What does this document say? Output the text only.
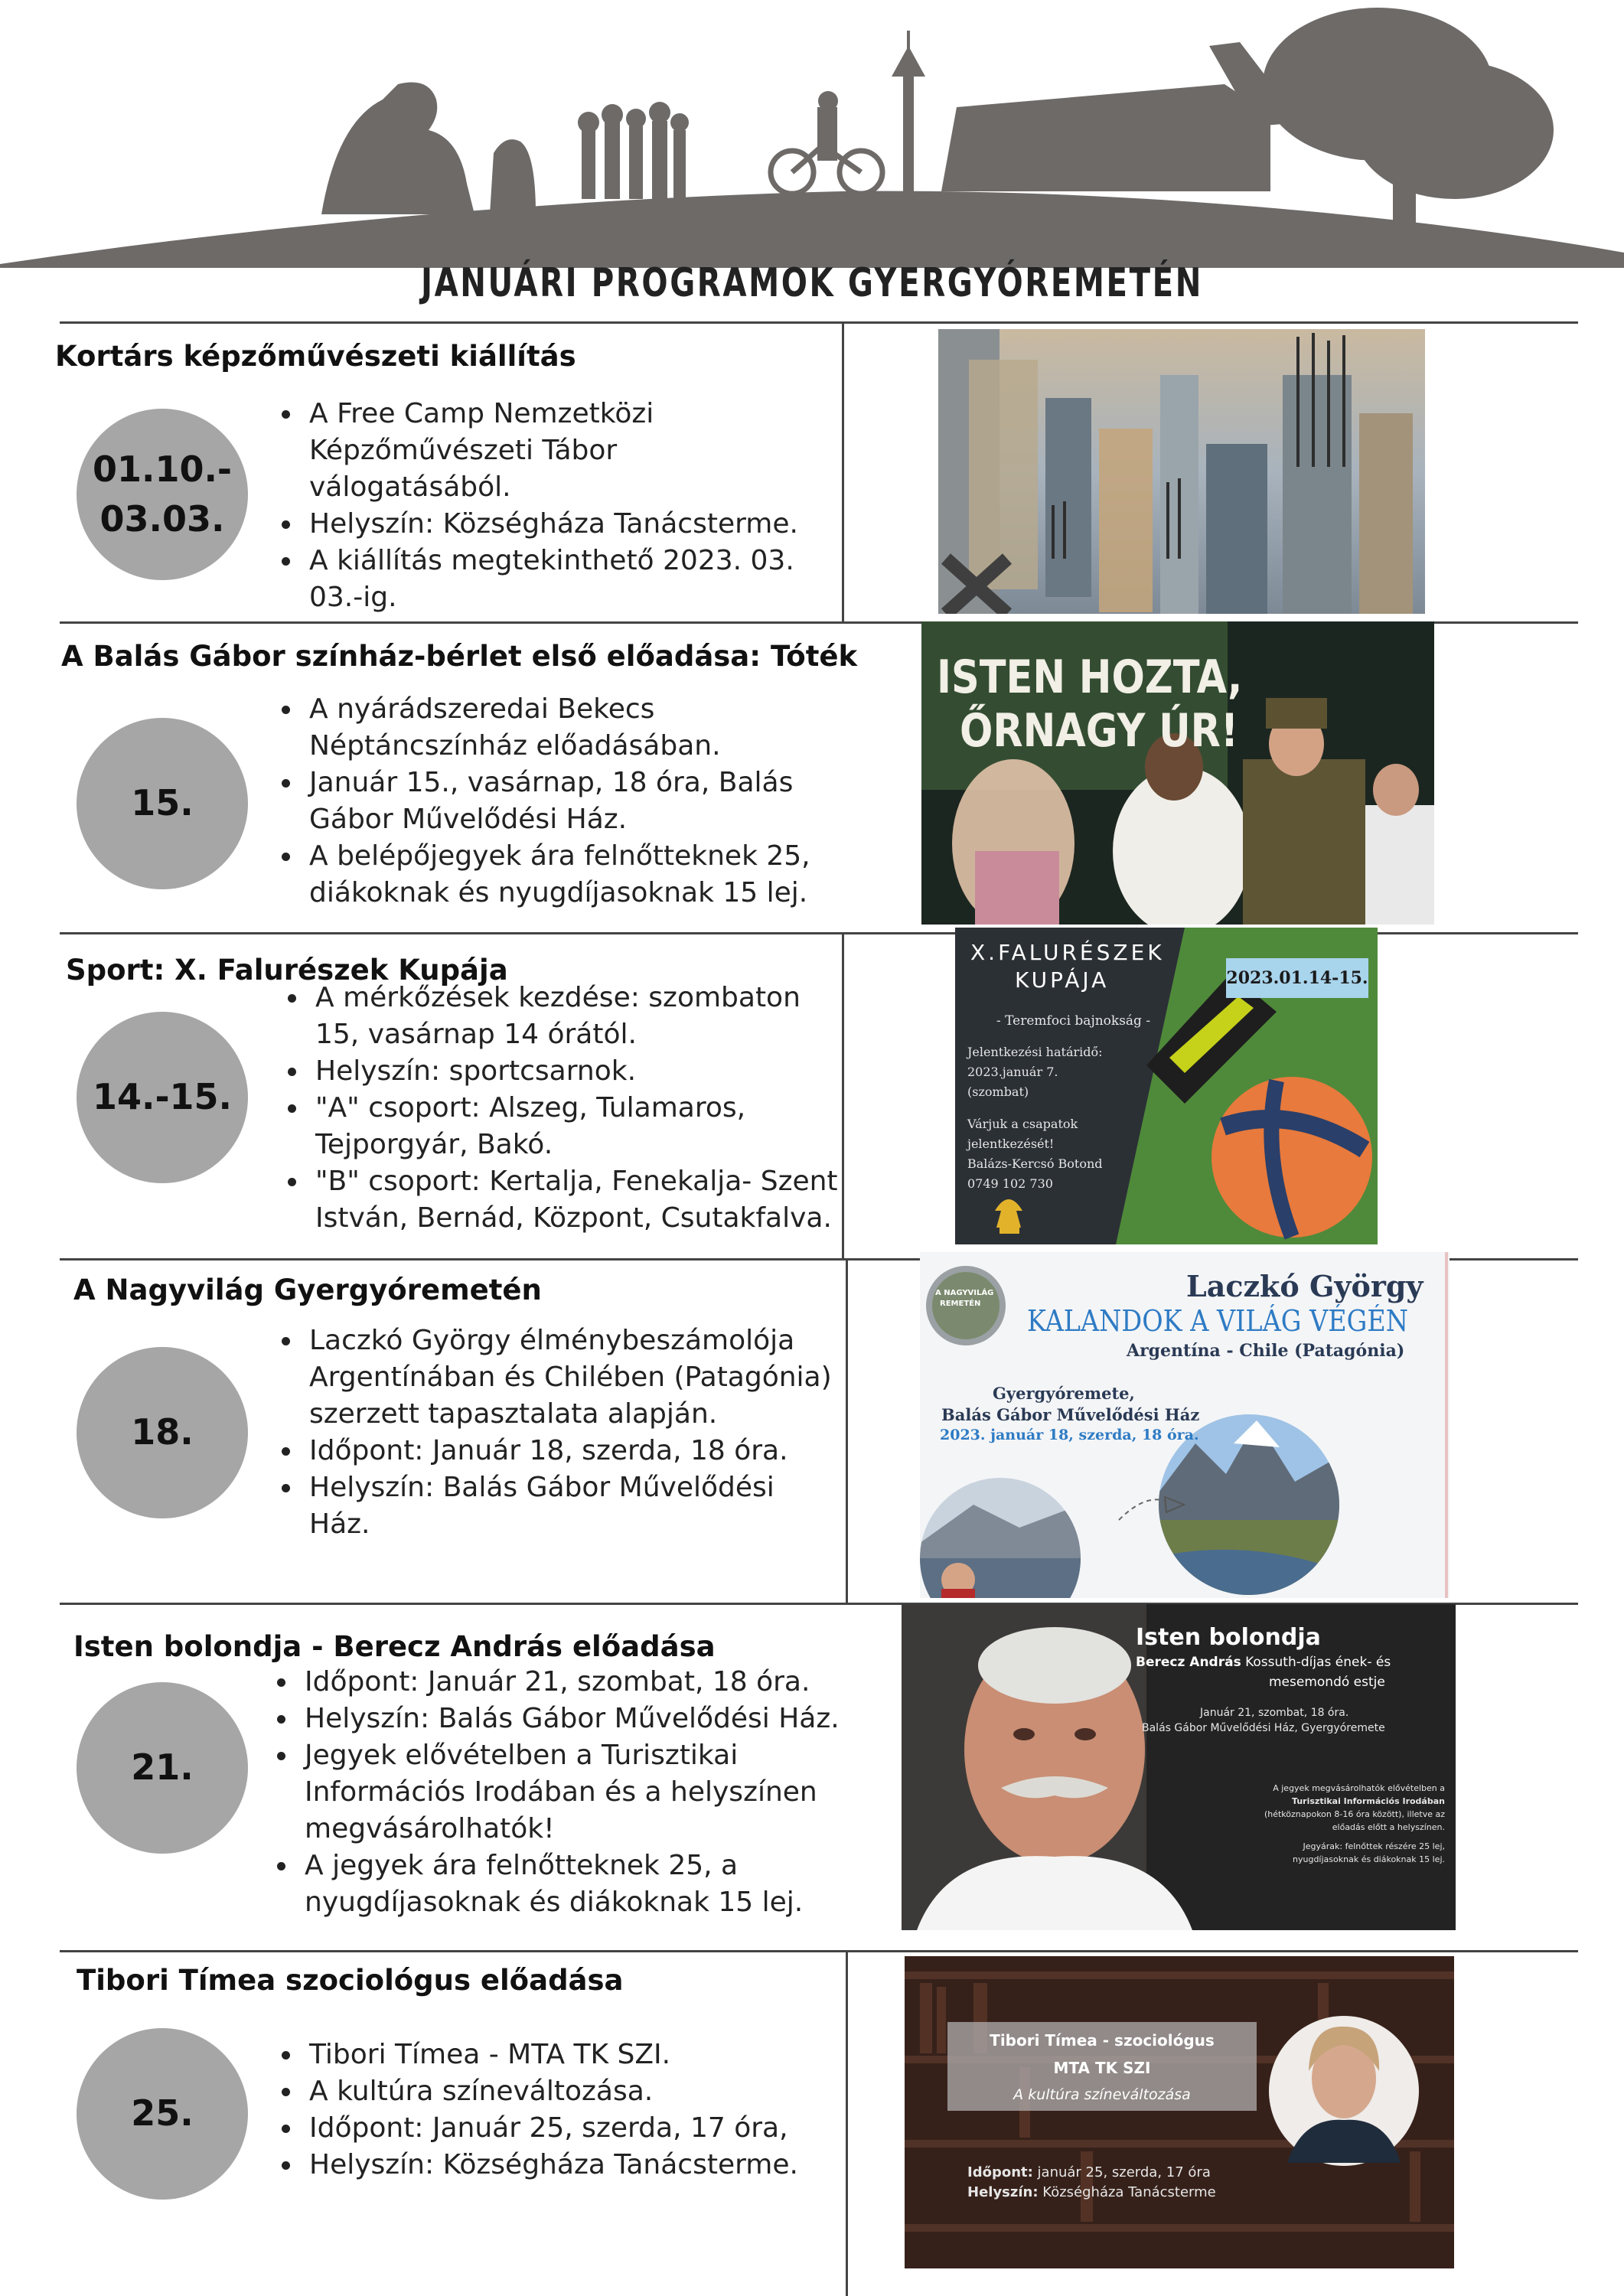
JANUÁRI PROGRAMOK GYERGYÓREMETÉN
Kortárs képzőművészeti kiállítás
01.10.-
03.03.
A Free Camp Nemzetközi Képzőművészeti Tábor válogatásából.
Helyszín: Községháza Tanácsterme.
A kiállítás megtekinthető 2023. 03. 03.-ig.
A Balás Gábor színház-bérlet első előadása: Tóték
15.
A nyárádszeredai Bekecs Néptáncszínház előadásában.
Január 15., vasárnap, 18 óra, Balás Gábor Művelődési Ház.
A belépőjegyek ára felnőtteknek 25, diákoknak és nyugdíjasoknak 15 lej.
ISTEN HOZTA,
ŐRNAGY ÚR!
Sport: X. Falurészek Kupája
14.-15.
A mérkőzések kezdése: szombaton 15, vasárnap 14 órától.
Helyszín: sportcsarnok.
"A" csoport: Alszeg, Tulamaros, Tejporgyár, Bakó.
"B" csoport: Kertalja, Fenekalja- Szent István, Bernád, Központ, Csutakfalva.
X.FALURÉSZEK
KUPÁJA	2023.01.14-15.
- Teremfoci bajnokság -
Jelentkezési határidő:
2023.január 7.
(szombat)
Várjuk a csapatok
jelentkezését!
Balázs-Kercsó Botond
0749 102 730
A Nagyvilág Gyergyóremetén
18.
Laczkó György élménybeszámolója Argentínában és Chilében (Patagónia) szerzett tapasztalata alapján.
Időpont: Január 18, szerda, 18 óra.
Helyszín: Balás Gábor Művelődési Ház.
A NAGYVILÁG
REMETÉN
Laczkó György
KALANDOK A VILÁG VÉGÉN
Argentína - Chile (Patagónia)
Gyergyóremete,
Balás Gábor Művelődési Ház
2023. január 18, szerda, 18 óra.
Isten bolondja - Berecz András előadása
21.
Időpont: Január 21, szombat, 18 óra.
Helyszín: Balás Gábor Művelődési Ház.
Jegyek elővételben a Turisztikai Információs Irodában és a helyszínen megvásárolhatók!
A jegyek ára felnőtteknek 25, a nyugdíjasoknak és diákoknak 15 lej.
Isten bolondja
Berecz András Kossuth-díjas ének- és
mesemondó estje
Január 21, szombat, 18 óra.
Balás Gábor Művelődési Ház, Gyergyóremete
A jegyek megvásárolhatók elővételben a
Turisztikai Információs Irodában
(hétköznapokon 8-16 óra között), illetve az
előadás előtt a helyszínen.
Jegyárak: felnőttek részére 25 lej,
nyugdíjasoknak és diákoknak 15 lej.
Tibori Tímea szociológus előadása
25.
Tibori Tímea - MTA TK SZI.
A kultúra színeváltozása.
Időpont: Január 25, szerda, 17 óra,
Helyszín: Községháza Tanácsterme.
Tibori Tímea - szociológus
MTA TK SZI
A kultúra színeváltozása
Időpont: január 25, szerda, 17 óra
Helyszín: Községháza Tanácsterme
